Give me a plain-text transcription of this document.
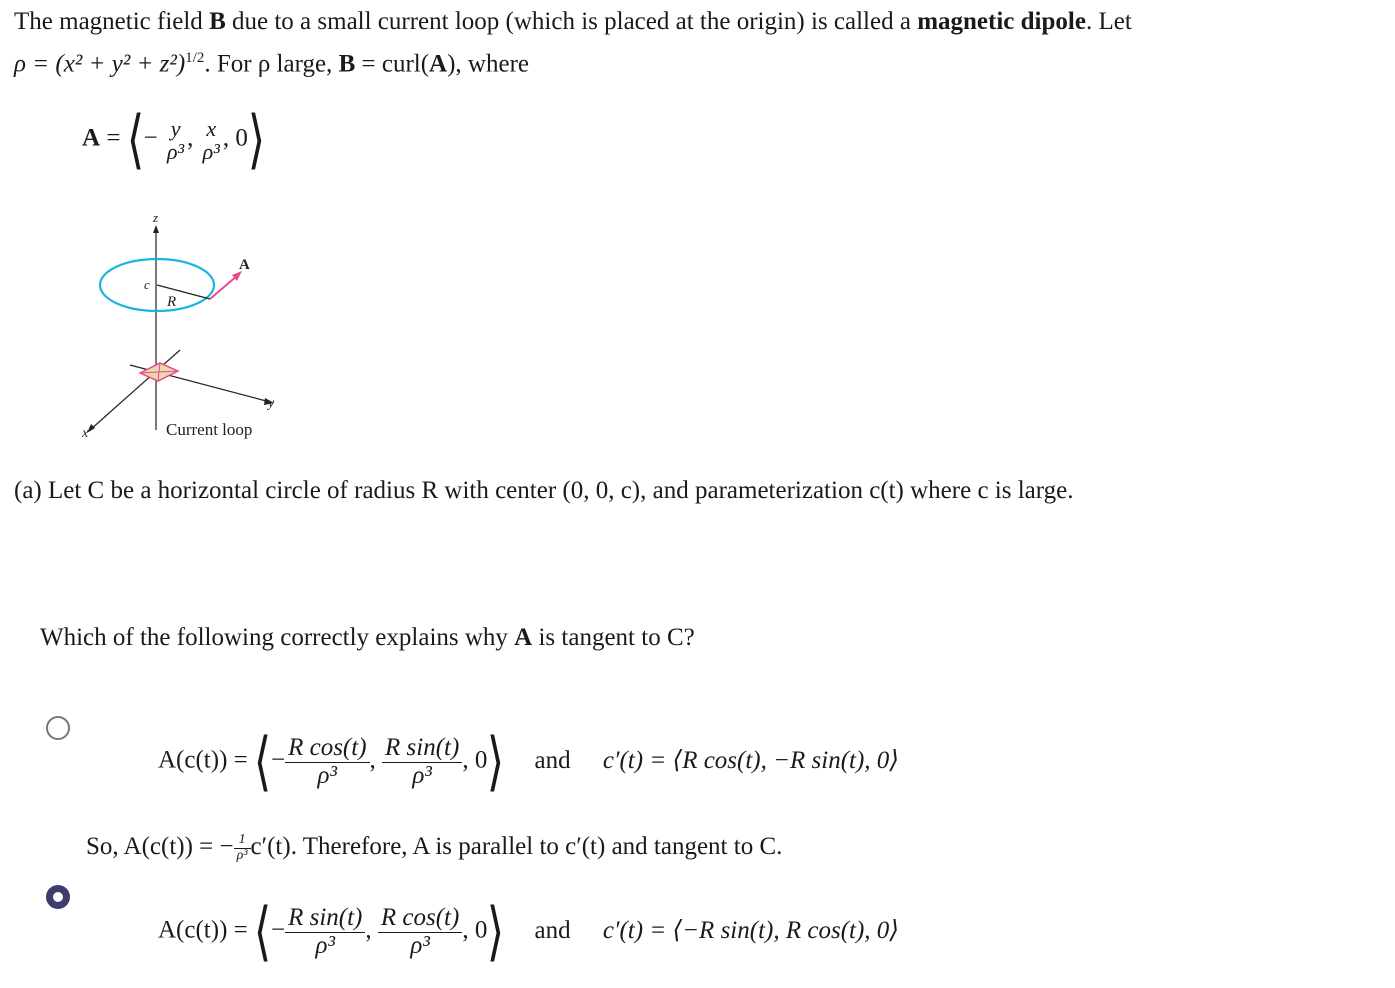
The magnetic field B due to a small current loop (which is placed at the origin) is called a magnetic dipole. Let
$\rho = (x^2 + y^2 + z^2)^{1/2}$. For ρ large, B = curl(A), where
A = ⟨− y
ρ³ , x
ρ³ , 0⟩
z
y
x
c
R
A
Current loop
(a) Let C be a horizontal circle of radius R with center (0, 0, c), and parameterization c(t) where c is large.
Which of the following correctly explains why A is tangent to C?
A(c(t)) = ⟨− $\frac{\text{R cos(t)}}{\text{ρ³}}$ , $\frac{\text{R sin(t)}}{\text{ρ³}}$ , 0⟩ and c′(t) = ⟨R cos(t), −R sin(t), 0⟩
So, A(c(t)) = − $\frac{1}{\text{ρ³}} c'(t)$. Therefore, A is parallel to c′(t) and tangent to C.
A(c(t)) = ⟨− $\frac{\text{R sin(t)}}{\text{ρ³}}$ , $\frac{\text{R cos(t)}}{\text{ρ³}}$ , 0⟩ and c′(t) = ⟨−R sin(t), R cos(t), 0⟩
